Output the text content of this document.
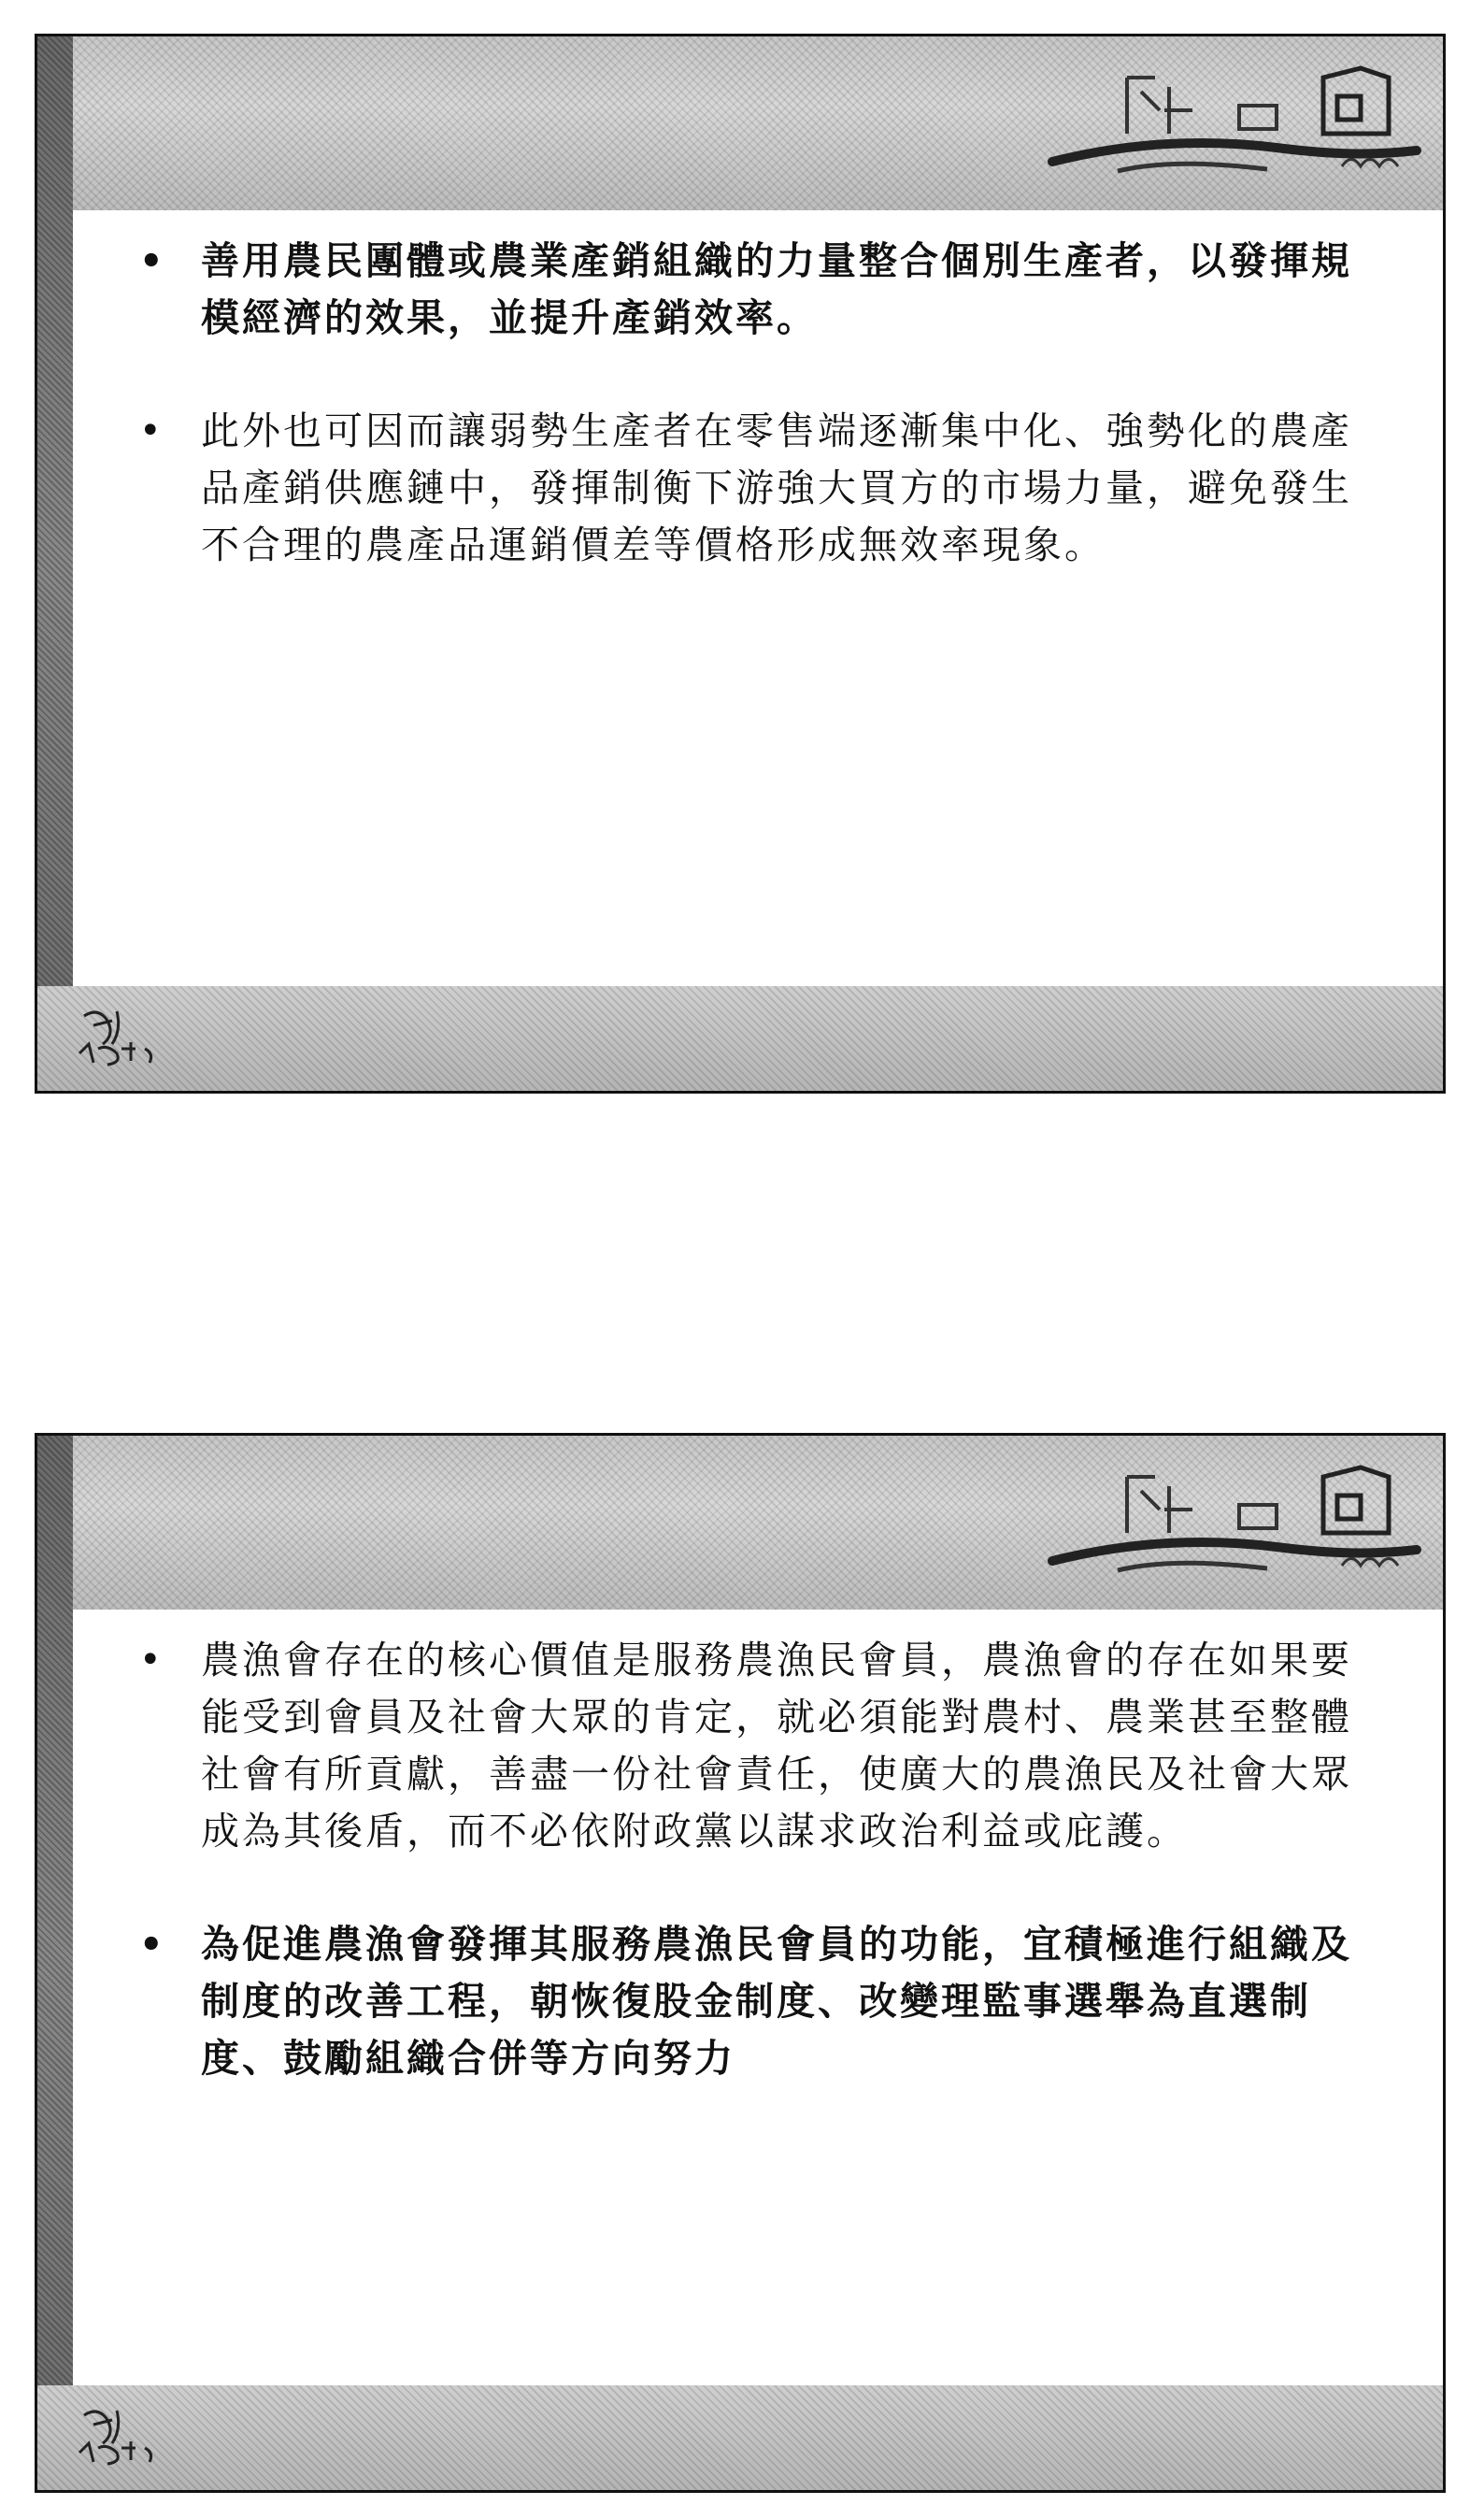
• 善用農民團體或農業產銷組織的力量整合個別生產者，以發揮規模經濟的效果，並提升產銷效率。
• 此外也可因而讓弱勢生產者在零售端逐漸集中化、強勢化的農產品產銷供應鏈中，發揮制衡下游強大買方的市場力量，避免發生不合理的農產品運銷價差等價格形成無效率現象。
• 農漁會存在的核心價值是服務農漁民會員，農漁會的存在如果要能受到會員及社會大眾的肯定，就必須能對農村、農業甚至整體社會有所貢獻，善盡一份社會責任，使廣大的農漁民及社會大眾成為其後盾，而不必依附政黨以謀求政治利益或庇護。
• 為促進農漁會發揮其服務農漁民會員的功能，宜積極進行組織及制度的改善工程，朝恢復股金制度、改變理監事選舉為直選制度、鼓勵組織合併等方向努力
